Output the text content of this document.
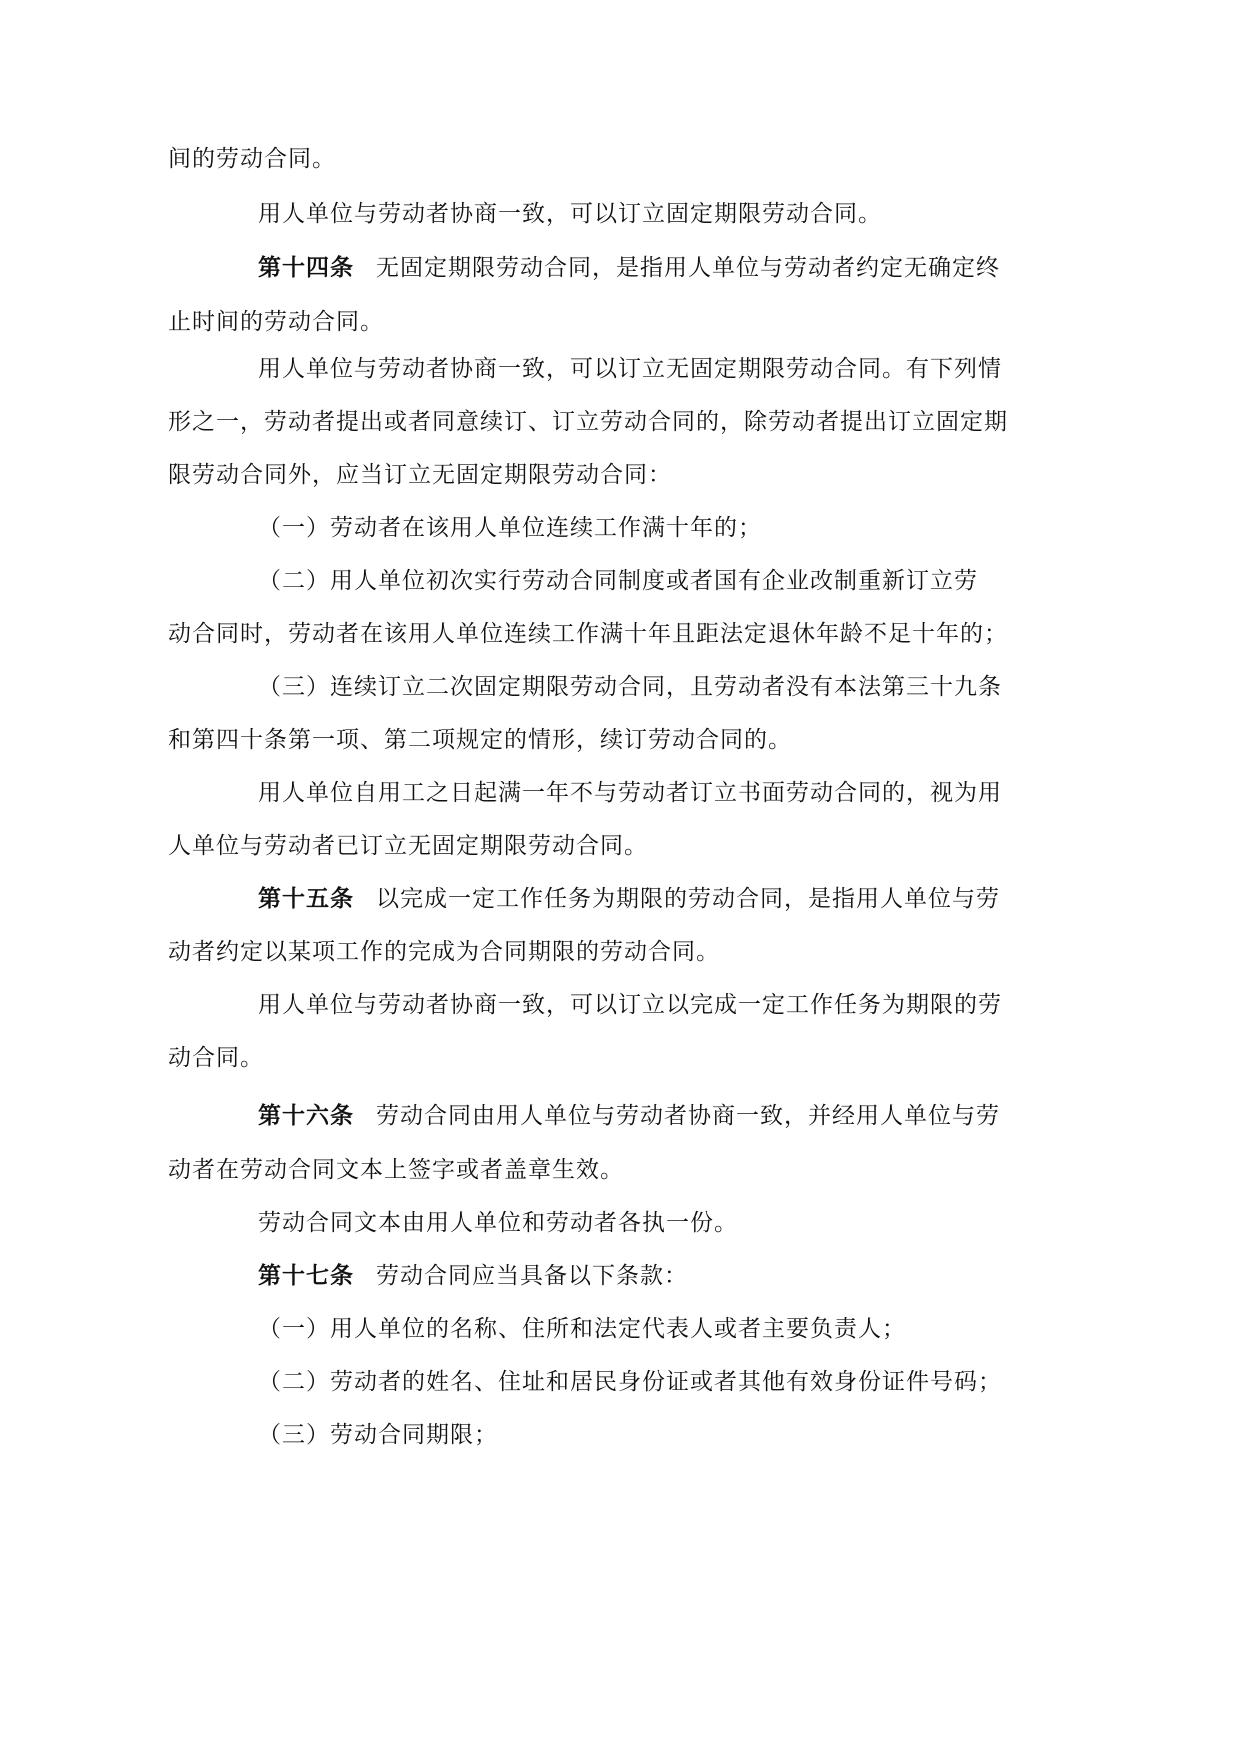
间的劳动合同。
用人单位与劳动者协商一致，可以订立固定期限劳动合同。
第十四条 无固定期限劳动合同，是指用人单位与劳动者约定无确定终
止时间的劳动合同。
用人单位与劳动者协商一致，可以订立无固定期限劳动合同。有下列情
形之一，劳动者提出或者同意续订、订立劳动合同的，除劳动者提出订立固定期
限劳动合同外，应当订立无固定期限劳动合同：
（一）劳动者在该用人单位连续工作满十年的；
（二）用人单位初次实行劳动合同制度或者国有企业改制重新订立劳
动合同时，劳动者在该用人单位连续工作满十年且距法定退休年龄不足十年的；
（三）连续订立二次固定期限劳动合同，且劳动者没有本法第三十九条
和第四十条第一项、第二项规定的情形，续订劳动合同的。
用人单位自用工之日起满一年不与劳动者订立书面劳动合同的，视为用
人单位与劳动者已订立无固定期限劳动合同。
第十五条 以完成一定工作任务为期限的劳动合同，是指用人单位与劳
动者约定以某项工作的完成为合同期限的劳动合同。
用人单位与劳动者协商一致，可以订立以完成一定工作任务为期限的劳
动合同。
第十六条 劳动合同由用人单位与劳动者协商一致，并经用人单位与劳
动者在劳动合同文本上签字或者盖章生效。
劳动合同文本由用人单位和劳动者各执一份。
第十七条 劳动合同应当具备以下条款：
（一）用人单位的名称、住所和法定代表人或者主要负责人；
（二）劳动者的姓名、住址和居民身份证或者其他有效身份证件号码；
（三）劳动合同期限；
